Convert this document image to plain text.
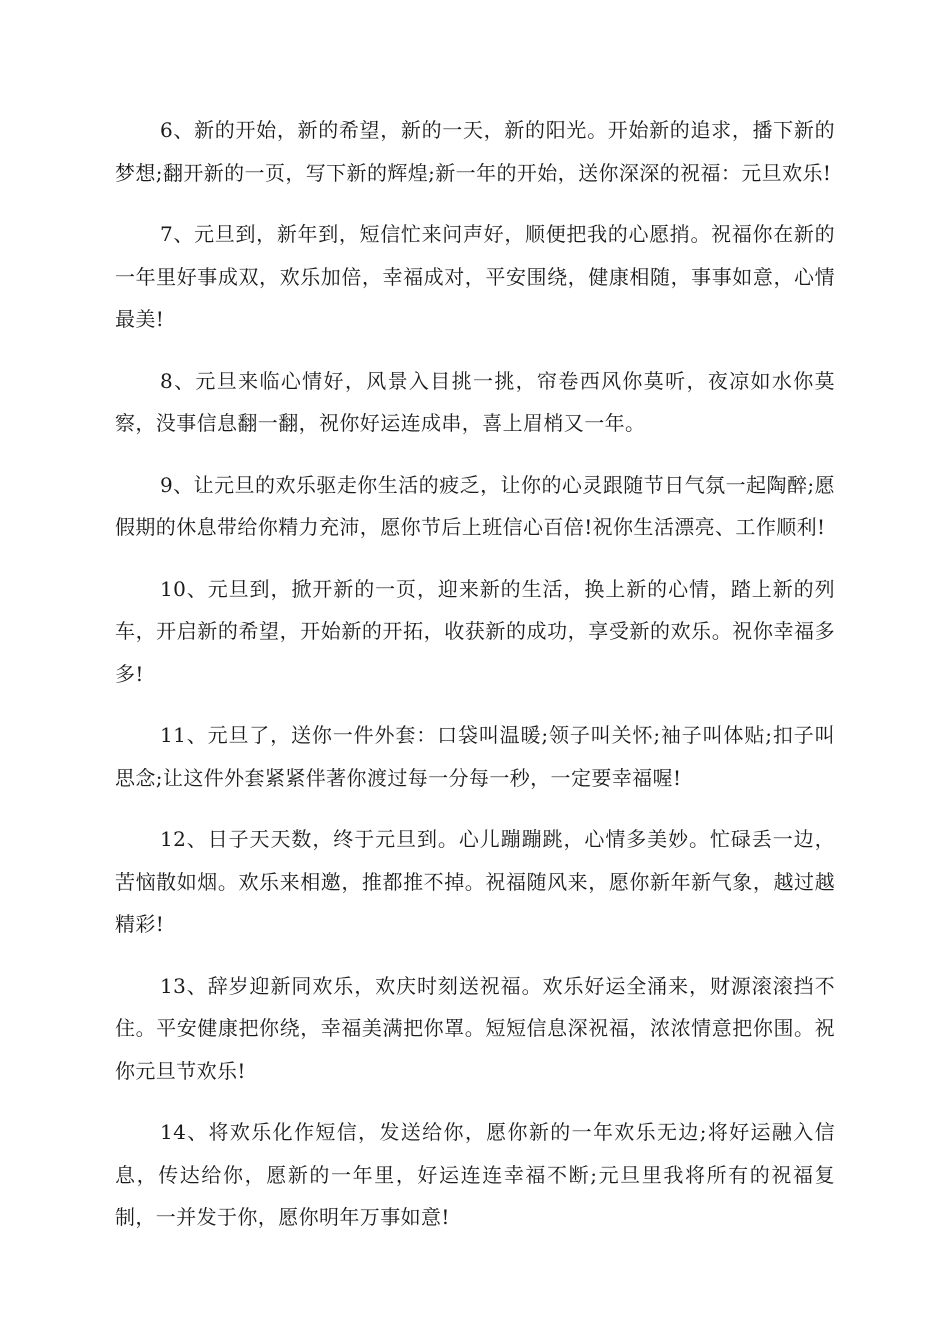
6、新的开始，新的希望，新的一天，新的阳光。开始新的追求，播下新的梦想;翻开新的一页，写下新的辉煌;新一年的开始，送你深深的祝福：元旦欢乐!

7、元旦到，新年到，短信忙来问声好，顺便把我的心愿捎。祝福你在新的一年里好事成双，欢乐加倍，幸福成对，平安围绕，健康相随，事事如意，心情最美!

8、元旦来临心情好，风景入目挑一挑，帘卷西风你莫听，夜凉如水你莫察，没事信息翻一翻，祝你好运连成串，喜上眉梢又一年。

9、让元旦的欢乐驱走你生活的疲乏，让你的心灵跟随节日气氛一起陶醉;愿假期的休息带给你精力充沛，愿你节后上班信心百倍!祝你生活漂亮、工作顺利!

10、元旦到，掀开新的一页，迎来新的生活，换上新的心情，踏上新的列车，开启新的希望，开始新的开拓，收获新的成功，享受新的欢乐。祝你幸福多多!

11、元旦了，送你一件外套：口袋叫温暖;领子叫关怀;袖子叫体贴;扣子叫思念;让这件外套紧紧伴著你渡过每一分每一秒，一定要幸福喔!

12、日子天天数，终于元旦到。心儿蹦蹦跳，心情多美妙。忙碌丢一边，苦恼散如烟。欢乐来相邀，推都推不掉。祝福随风来，愿你新年新气象，越过越精彩!

13、辞岁迎新同欢乐，欢庆时刻送祝福。欢乐好运全涌来，财源滚滚挡不住。平安健康把你绕，幸福美满把你罩。短短信息深祝福，浓浓情意把你围。祝你元旦节欢乐!

14、将欢乐化作短信，发送给你，愿你新的一年欢乐无边;将好运融入信息，传达给你，愿新的一年里，好运连连幸福不断;元旦里我将所有的祝福复制，一并发于你，愿你明年万事如意!
